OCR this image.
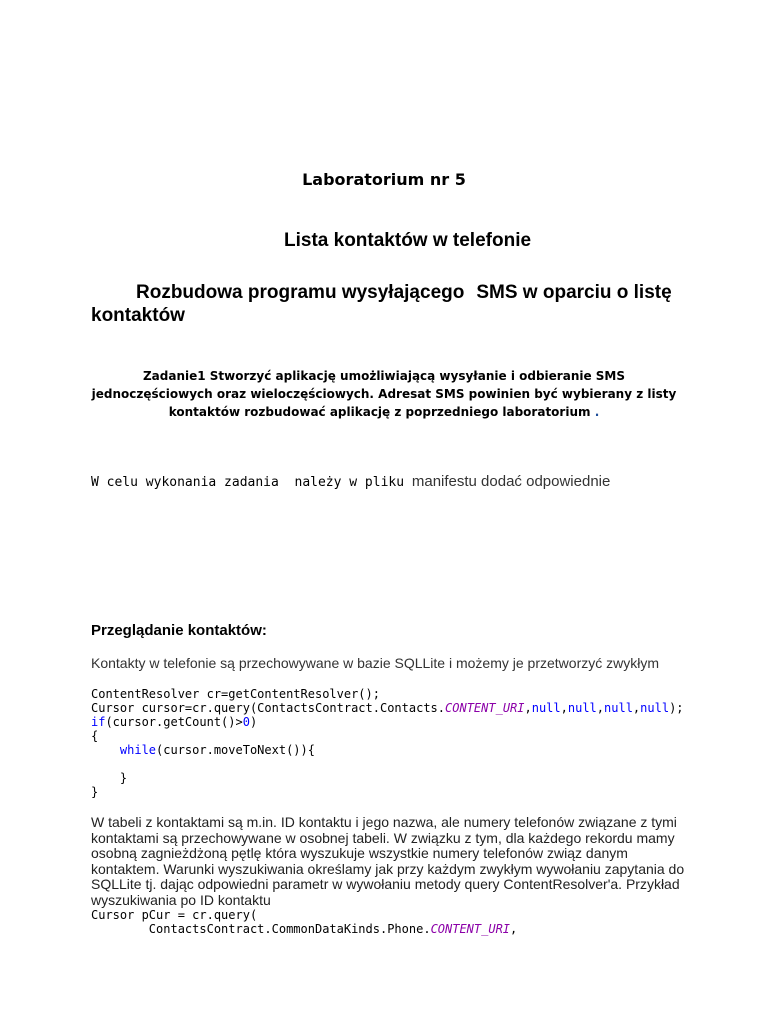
Laboratorium nr 5
Lista kontaktów w telefonie
Rozbudowa programu wysyłającego SMS w oparciu o listę kontaktów
Zadanie1 Stworzyć aplikację umożliwiającą wysyłanie i odbieranie SMS jednoczęściowych oraz wieloczęściowych. Adresat SMS powinien być wybierany z listy kontaktów rozbudować aplikację z poprzedniego laboratorium .
W celu wykonania zadania  należy w pliku manifestu dodać odpowiednie
Przeglądanie kontaktów:
Kontakty w telefonie są przechowywane w bazie SQLLite i możemy je przetworzyć zwykłym
ContentResolver cr=getContentResolver();
Cursor cursor=cr.query(ContactsContract.Contacts.CONTENT_URI,null,null,null,null);
if(cursor.getCount()>0)
{
while(cursor.moveToNext()){

}
}
W tabeli z kontaktami są m.in. ID kontaktu i jego nazwa, ale numery telefonów związane z tymi kontaktami są przechowywane w osobnej tabeli. W związku z tym, dla każdego rekordu mamy osobną zagnieżdżoną pętlę która wyszukuje wszystkie numery telefonów związ danym kontaktem. Warunki wyszukiwania określamy jak przy każdym zwykłym wywołaniu zapytania do SQLLite tj. dając odpowiedni parametr w wywołaniu metody query ContentResolver'a. Przykład wyszukiwania po ID kontaktu
Cursor pCur = cr.query(
ContactsContract.CommonDataKinds.Phone.CONTENT_URI,
